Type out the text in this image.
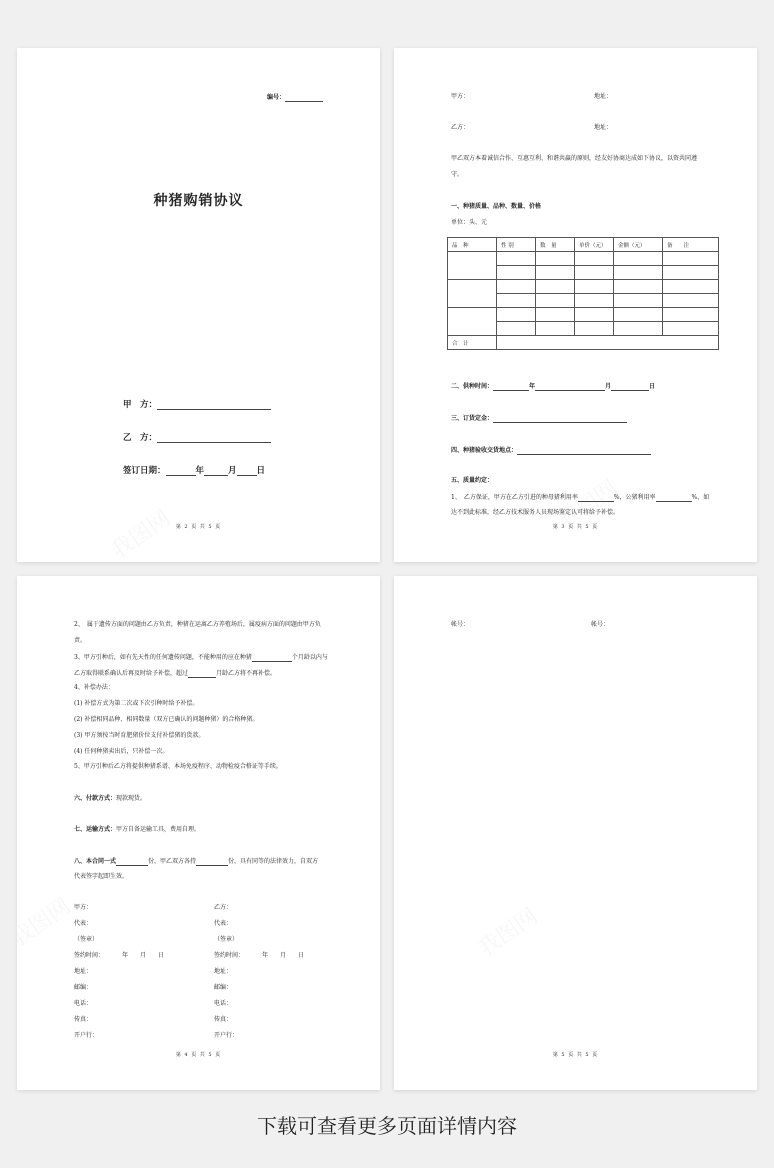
编号：
种猪购销协议
甲　方：
乙　方：
签订日期：	年	月 日
第 2 页 共 5 页
甲方：	地址：
乙方：	地址：
甲乙双方本着诚信合作、互惠互利、和谐共赢的原则，经友好协商达成如下协议，以资共同遵
守。
一、种猪质量、品种、数量、价格
单位：头、元
品　种	性 别	数　量	单价（元）	金额（元）	备　　注

合　计					
二、供种时间：	年	月	日
三、订货定金：
四、种猪验收交货地点：
五、质量约定：
1、　乙方保证，甲方在乙方引进的种母猪利用率	%，公猪利用率	%，如
达不到此标准，经乙方技术服务人员现场鉴定认可将给予补偿。
第 3 页 共 5 页
2、　属于遗传方面的问题由乙方负责，种猪在运离乙方养殖场后，属疫病方面的问题由甲方负
责。
3、甲方引种后，如有先天性的任何遗传问题，不能种用的应在种猪	个月龄以内与
乙方取得联系确认后再及时给予补偿，超过	月龄乙方将不再补偿。
4、补偿办法：
(1) 补偿方式为第二次或下次引种时给予补偿。
(2) 补偿相同品种、相同数量（双方已确认的问题种猪）的合格种猪。
(3) 甲方须按当时育肥猪价位支付补偿猪的货款。
(4) 任何种猪卖出后，只补偿一次。
5、甲方引种后乙方将提供种猪系谱、本场免疫程序、动物检疫合格证等手续。
六、付款方式：现款现货。
七、运输方式：甲方自备运输工具，费用自理。
八、本合同一式	份，甲乙双方各持	份，具有同等的法律效力，自双方
代表签字起即生效。
甲方：
代表：
（签章）
签约时间：	年　　月　　日
地址：
邮编：
电话：
传真：
开户行：
乙方：
代表：
（签章）
签约时间：	年　　月　　日
地址：
邮编：
电话：
传真：
开户行：
第 4 页 共 5 页
帐号：	帐号：
第 5 页 共 5 页
下载可查看更多页面详情内容
